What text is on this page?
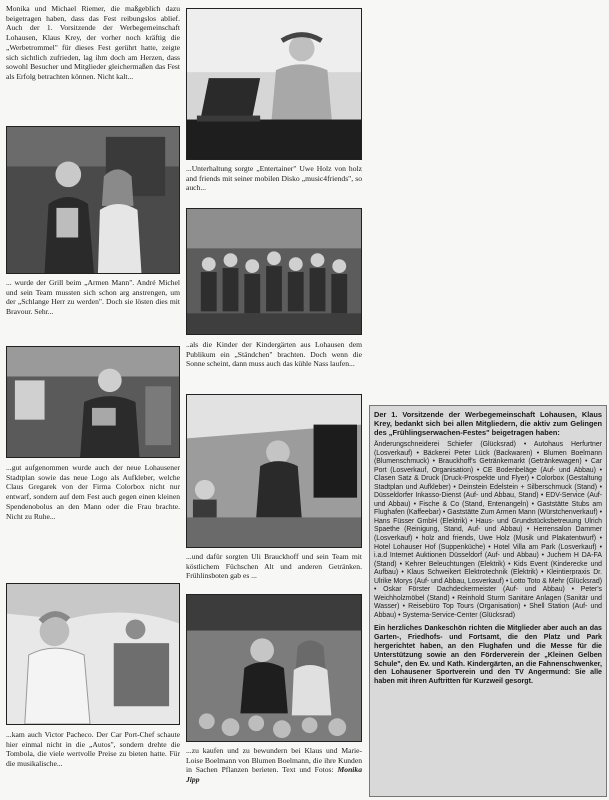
Monika und Michael Riemer, die maßgeblich dazu beigetragen haben, dass das Fest reibungslos ablief. Auch der 1. Vorsitzende der Werbegemeinschaft Lohausen, Klaus Krey, der vorher noch kräftig die „Werbetrommel" für dieses Fest gerührt hatte, zeigte sich sichtlich zufrieden, lag ihm doch am Herzen, dass sowohl Besucher und Mitglieder gleichermaßen das Fest als Erfolg betrachten können. Nicht kalt...
... wurde der Grill beim „Armen Mann". André Michel und sein Team mussten sich schon arg anstrengen, um der „Schlange Herr zu werden". Doch sie lösten dies mit Bravour. Sehr...
...gut aufgenommen wurde auch der neue Lohausener Stadtplan sowie das neue Logo als Aufkleber, welche Claus Gregarek von der Firma Colorbox nicht nur entwarf, sondern auf dem Fest auch gegen einen kleinen Spendenobolus an den Mann oder die Frau brachte. Nicht zu Ruhe...
...kam auch Victor Pacheco. Der Car Port-Chef schaute hier einmal nicht in die „Autos", sondern drehte die Tombola, die viele wertvolle Preise zu bieten hatte. Für die musikalische...
...Unterhaltung sorgte „Entertainer" Uwe Holz von holz and friends mit seiner mobilen Disko „music4friends", so auch...
..als die Kinder der Kindergärten aus Lohausen dem Publikum ein „Ständchen" brachten. Doch wenn die Sonne scheint, dann muss auch das kühle Nass laufen...
...und dafür sorgten Uli Brauckhoff und sein Team mit köstlichem Füchschen Alt und anderen Getränken. Frühlinsboten gab es ...
...zu kaufen und zu bewundern bei Klaus und Marie-Loise Boelmann von Blumen Boelmann, die ihre Kunden in Sachen Pflanzen berieten. Text und Fotos: Monika Jipp
Der 1. Vorsitzende der Werbegemeinschaft Lohausen, Klaus Krey, bedankt sich bei allen Mitgliedern, die aktiv zum Gelingen des „Frühlingserwachen-Festes" beigetragen haben:
Änderungschneiderei Schiefer (Glücksrad) • Autohaus Herfurtner (Losverkauf) • Bäckerei Peter Lück (Backwaren) • Blumen Boelmann (Blumenschmuck) • Brauckhoff's Getränkemarkt (Getränkewagen) • Car Port (Losverkauf, Organisation) • CE Bodenbeläge (Auf- und Abbau) • Clasen Satz & Druck (Druck-Prospekte und Flyer) • Colorbox (Gestaltung Stadtplan und Aufkleber) • Deinstein Edelstein + Silberschmuck (Stand) • Düsseldorfer Inkasso-Dienst (Auf- und Abbau, Stand) • EDV-Service (Auf- und Abbau) • Fische & Co (Stand, Entenangeln) • Gaststätte Stubs am Flughafen (Kaffeebar) • Gaststätte Zum Armen Mann (Würstchenverkauf) • Hans Füsser GmbH (Elektrik) • Haus- und Grundstücksbetreuung Ulrich Spaethe (Reinigung, Stand, Auf- und Abbau) • Herrensalon Dammer (Losverkauf) • holz and friends, Uwe Holz (Musik und Plakatentwurf) • Hotel Lohauser Hof (Suppenküche) • Hotel Villa am Park (Losverkauf) • i.a.d Internet Auktionen Düsseldorf (Auf- und Abbau) • Juchem H DA-FA (Stand) • Kehrer Beleuchtungen (Elektrik) • Kids Event (Kinderecke und Aufbau) • Klaus Schweikert Elektrotechnik (Elektrik) • Kleintierpraxis Dr. Ulrike Morys (Auf- und Abbau, Losverkauf) • Lotto Toto & Mehr (Glücksrad) • Oskar Förster Dachdeckermeister (Auf- und Abbau) • Peter's Weichholzmöbel (Stand) • Reinhold Sturm Sanitäre Anlagen (Sanitär und Wasser) • Reisebüro Top Tours (Organisation) • Shell Station (Auf- und Abbau) • Systema-Service-Center (Glücksrad)
Ein herzliches Dankeschön richten die Mitglieder aber auch an das Garten-, Friedhofs- und Fortsamt, die den Platz und Park hergerichtet haben, an den Flughafen und die Messe für die Unterstützung sowie an den Förderverein der „Kleinen Gelben Schule", den Ev. und Kath. Kindergärten, an die Fahnenschwenker, den Lohausener Sportverein und den TV Angermund: Sie alle haben mit ihren Auftritten für Kurzweil gesorgt.
